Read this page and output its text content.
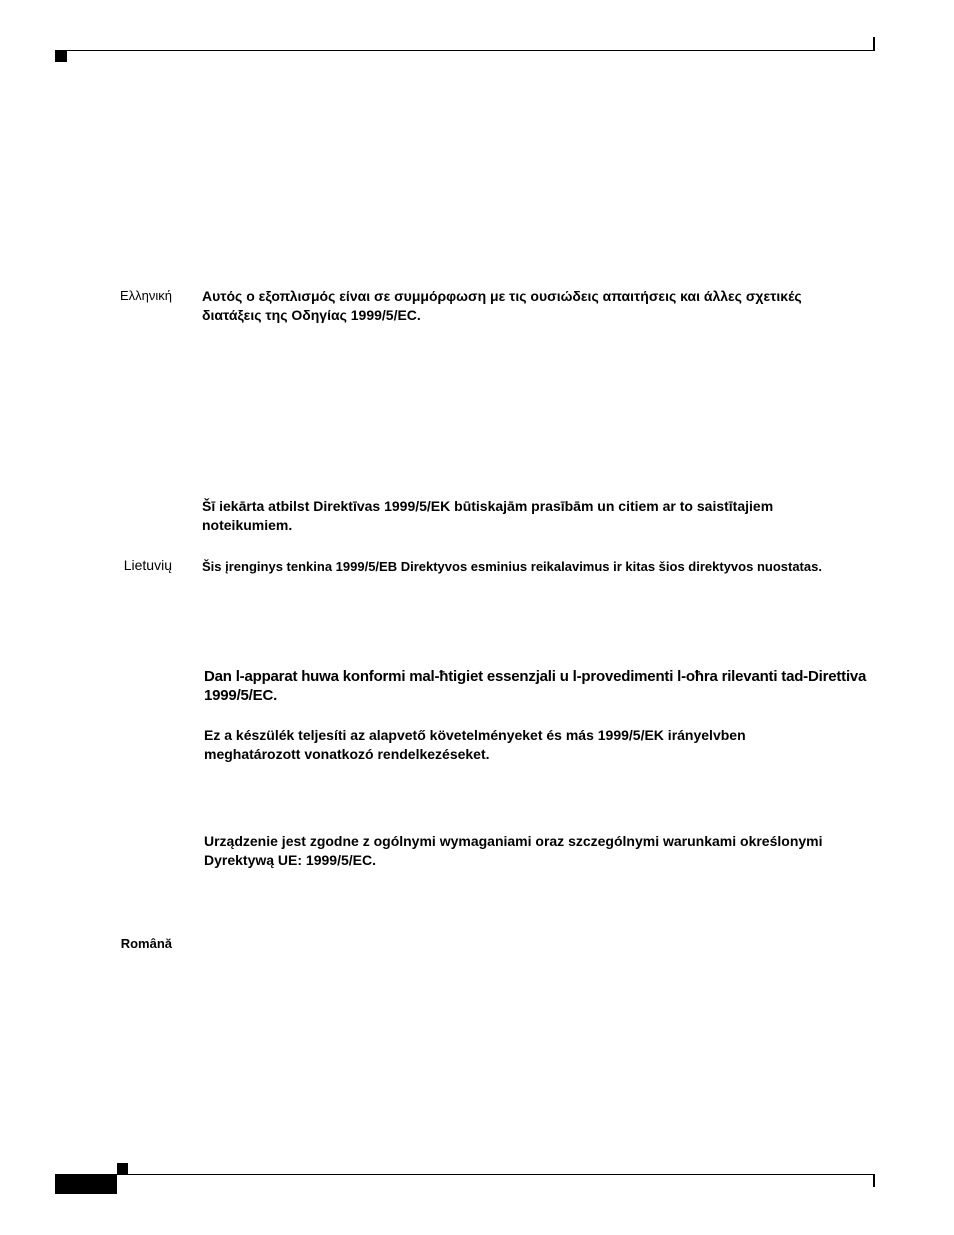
Ελληνική
Lietuvių
Română
Αυτός ο εξοπλισμός είναι σε συμμόρφωση με τις ουσιώδεις απαιτήσεις και άλλες σχετικές
διατάξεις της Οδηγίας 1999/5/EC.
Šī iekārta atbilst Direktīvas 1999/5/EK būtiskajām prasībām un citiem ar to saistītajiem
noteikumiem.
Šis įrenginys tenkina 1999/5/EB Direktyvos esminius reikalavimus ir kitas šios direktyvos nuostatas.
Dan l-apparat huwa konformi mal-ħtigiet essenzjali u l-provedimenti l-oħra rilevanti tad-Direttiva
1999/5/EC.
Ez a készülék teljesíti az alapvető követelményeket és más 1999/5/EK irányelvben
meghatározott vonatkozó rendelkezéseket.
Urządzenie jest zgodne z ogólnymi wymaganiami oraz szczególnymi warunkami określonymi
Dyrektywą UE: 1999/5/EC.
